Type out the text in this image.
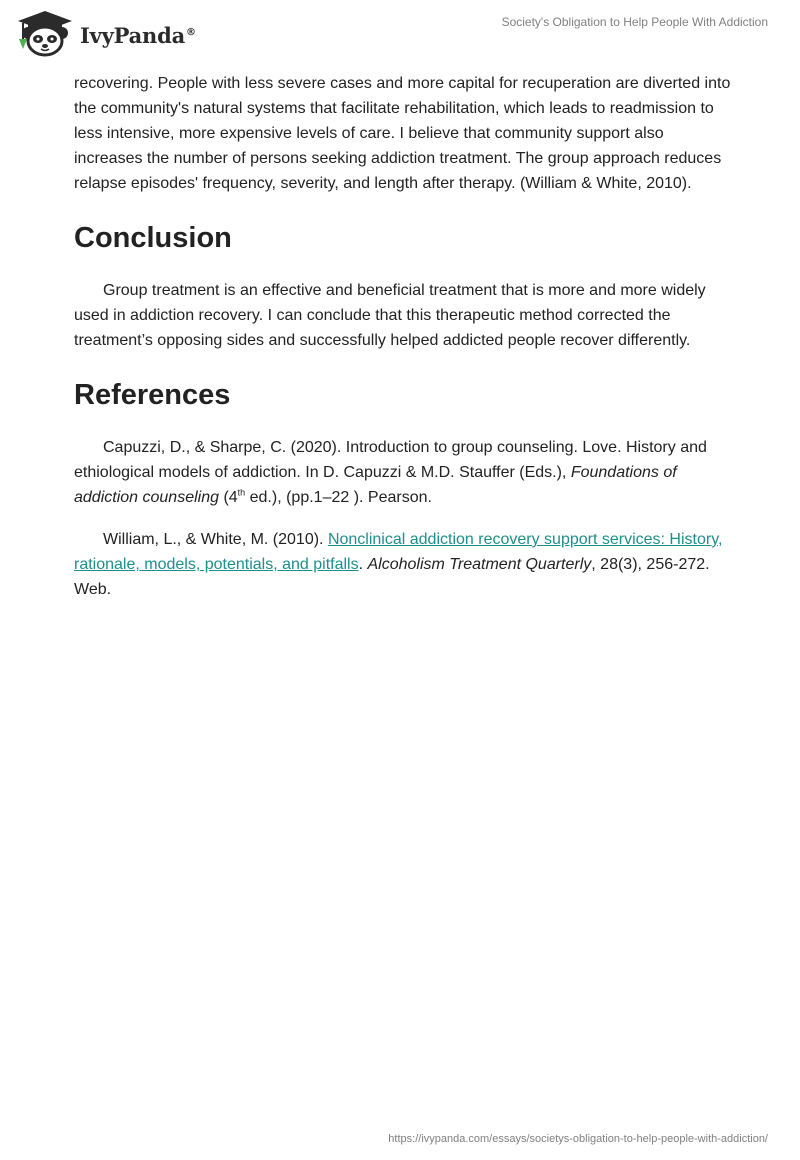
IvyPanda®
Society's Obligation to Help People With Addiction

recovering. People with less severe cases and more capital for recuperation are diverted into the community's natural systems that facilitate rehabilitation, which leads to readmission to less intensive, more expensive levels of care. I believe that community support also increases the number of persons seeking addiction treatment. The group approach reduces relapse episodes' frequency, severity, and length after therapy. (William & White, 2010).

Conclusion

Group treatment is an effective and beneficial treatment that is more and more widely used in addiction recovery. I can conclude that this therapeutic method corrected the treatment’s opposing sides and successfully helped addicted people recover differently.

References

Capuzzi, D., & Sharpe, C. (2020). Introduction to group counseling. Love. History and ethiological models of addiction. In D. Capuzzi & M.D. Stauffer (Eds.), Foundations of addiction counseling (4th ed.), (pp.1–22 ). Pearson.

William, L., & White, M. (2010). Nonclinical addiction recovery support services: History, rationale, models, potentials, and pitfalls. Alcoholism Treatment Quarterly, 28(3), 256-272. Web.

https://ivypanda.com/essays/societys-obligation-to-help-people-with-addiction/
